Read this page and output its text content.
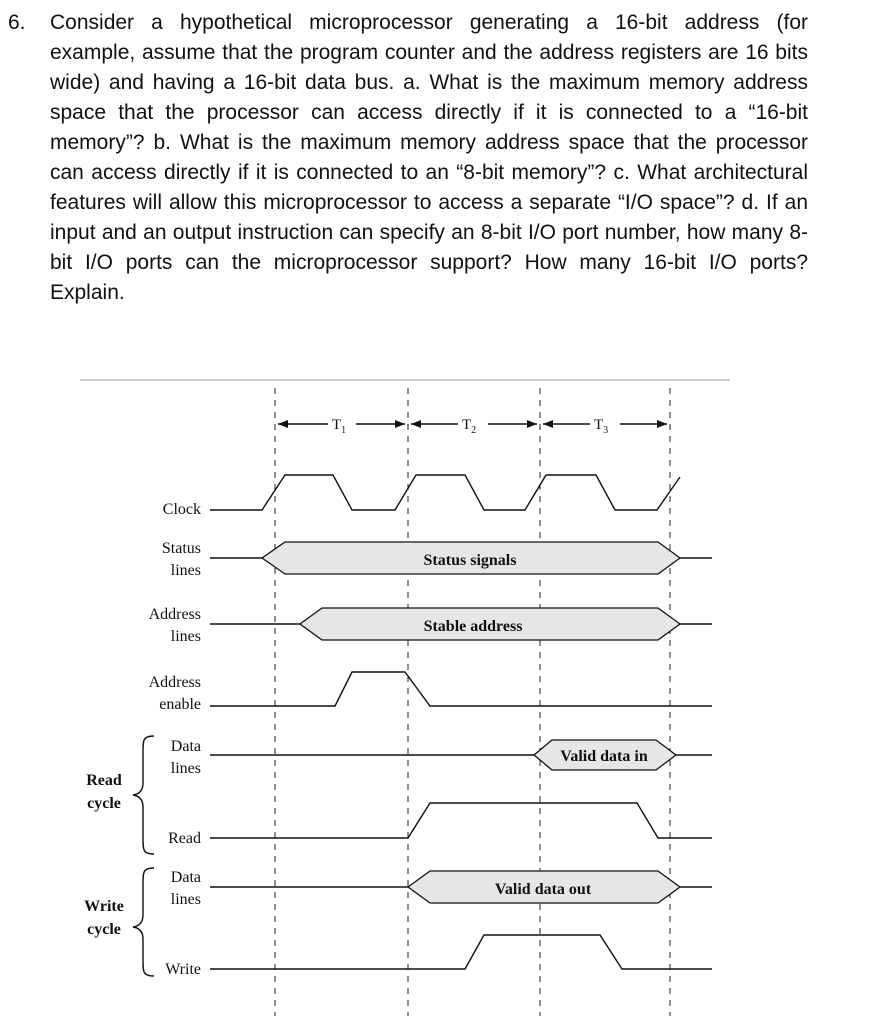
6. Consider a hypothetical microprocessor generating a 16-bit address (for example, assume that the program counter and the address registers are 16 bits wide) and having a 16-bit data bus. a. What is the maximum memory address space that the processor can access directly if it is connected to a “16-bit memory”? b. What is the maximum memory address space that the processor can access directly if it is connected to an “8-bit memory”? c. What architectural features will allow this microprocessor to access a separate “I/O space”? d. If an input and an output instruction can specify an 8-bit I/O port number, how many 8-bit I/O ports can the microprocessor support? How many 16-bit I/O ports? Explain.
$T_1$	$T_2$	$T_3$
Clock
Status
lines
Address
lines
Address
enable
Data
lines
Read
Data
lines
Write
Read
cycle
Write
cycle
Status signals
Stable address
Valid data in
Valid data out
